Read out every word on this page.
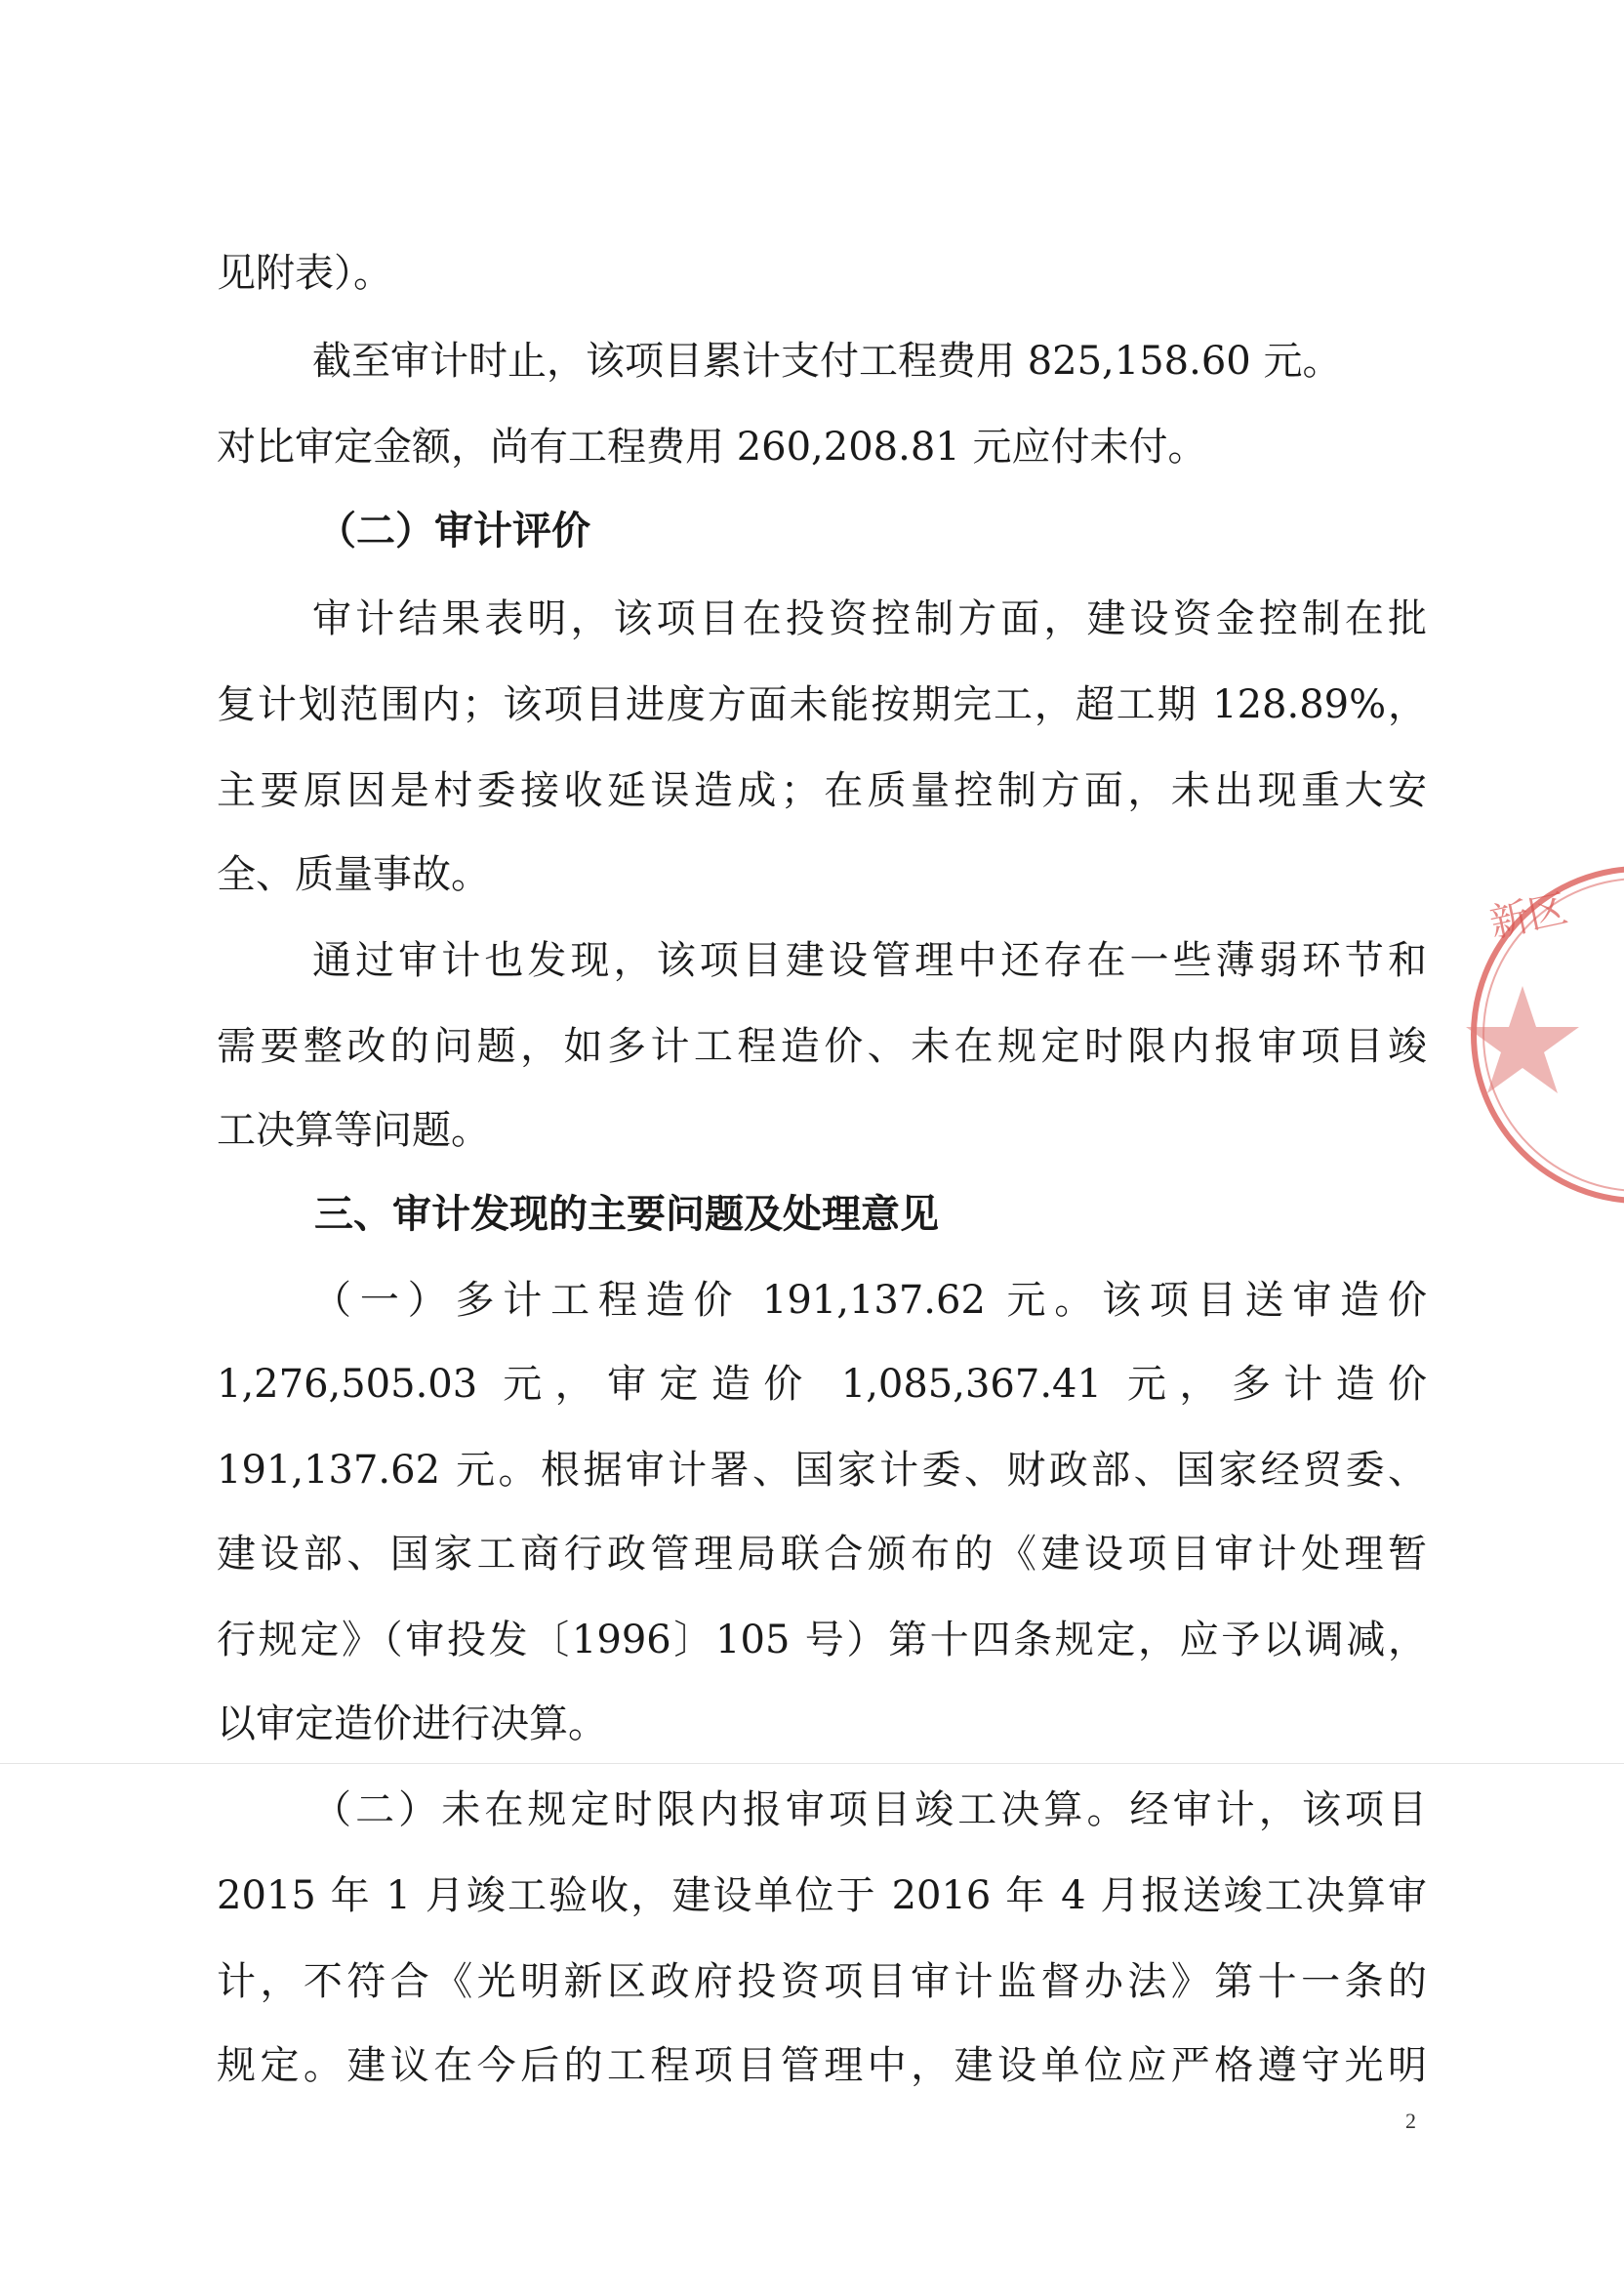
见附表）。
截至审计时止，该项目累计支付工程费用 825,158.60 元。
对比审定金额，尚有工程费用 260,208.81 元应付未付。
（二）审计评价
审计结果表明，该项目在投资控制方面，建设资金控制在批
复计划范围内；该项目进度方面未能按期完工，超工期 128.89%，
主要原因是村委接收延误造成；在质量控制方面，未出现重大安
全、质量事故。
通过审计也发现，该项目建设管理中还存在一些薄弱环节和
需要整改的问题，如多计工程造价、未在规定时限内报审项目竣
工决算等问题。
三、审计发现的主要问题及处理意见
（一）多计工程造价 191,137.62 元。该项目送审造价
1,276,505.03 元，审定造价 1,085,367.41 元，多计造价
191,137.62 元。根据审计署、国家计委、财政部、国家经贸委、
建设部、国家工商行政管理局联合颁布的《建设项目审计处理暂
行规定》（审投发〔1996〕105 号）第十四条规定，应予以调减，
以审定造价进行决算。
（二）未在规定时限内报审项目竣工决算。经审计，该项目
2015 年 1 月竣工验收，建设单位于 2016 年 4 月报送竣工决算审
计，不符合《光明新区政府投资项目审计监督办法》第十一条的
规定。建议在今后的工程项目管理中，建设单位应严格遵守光明
2
新区
